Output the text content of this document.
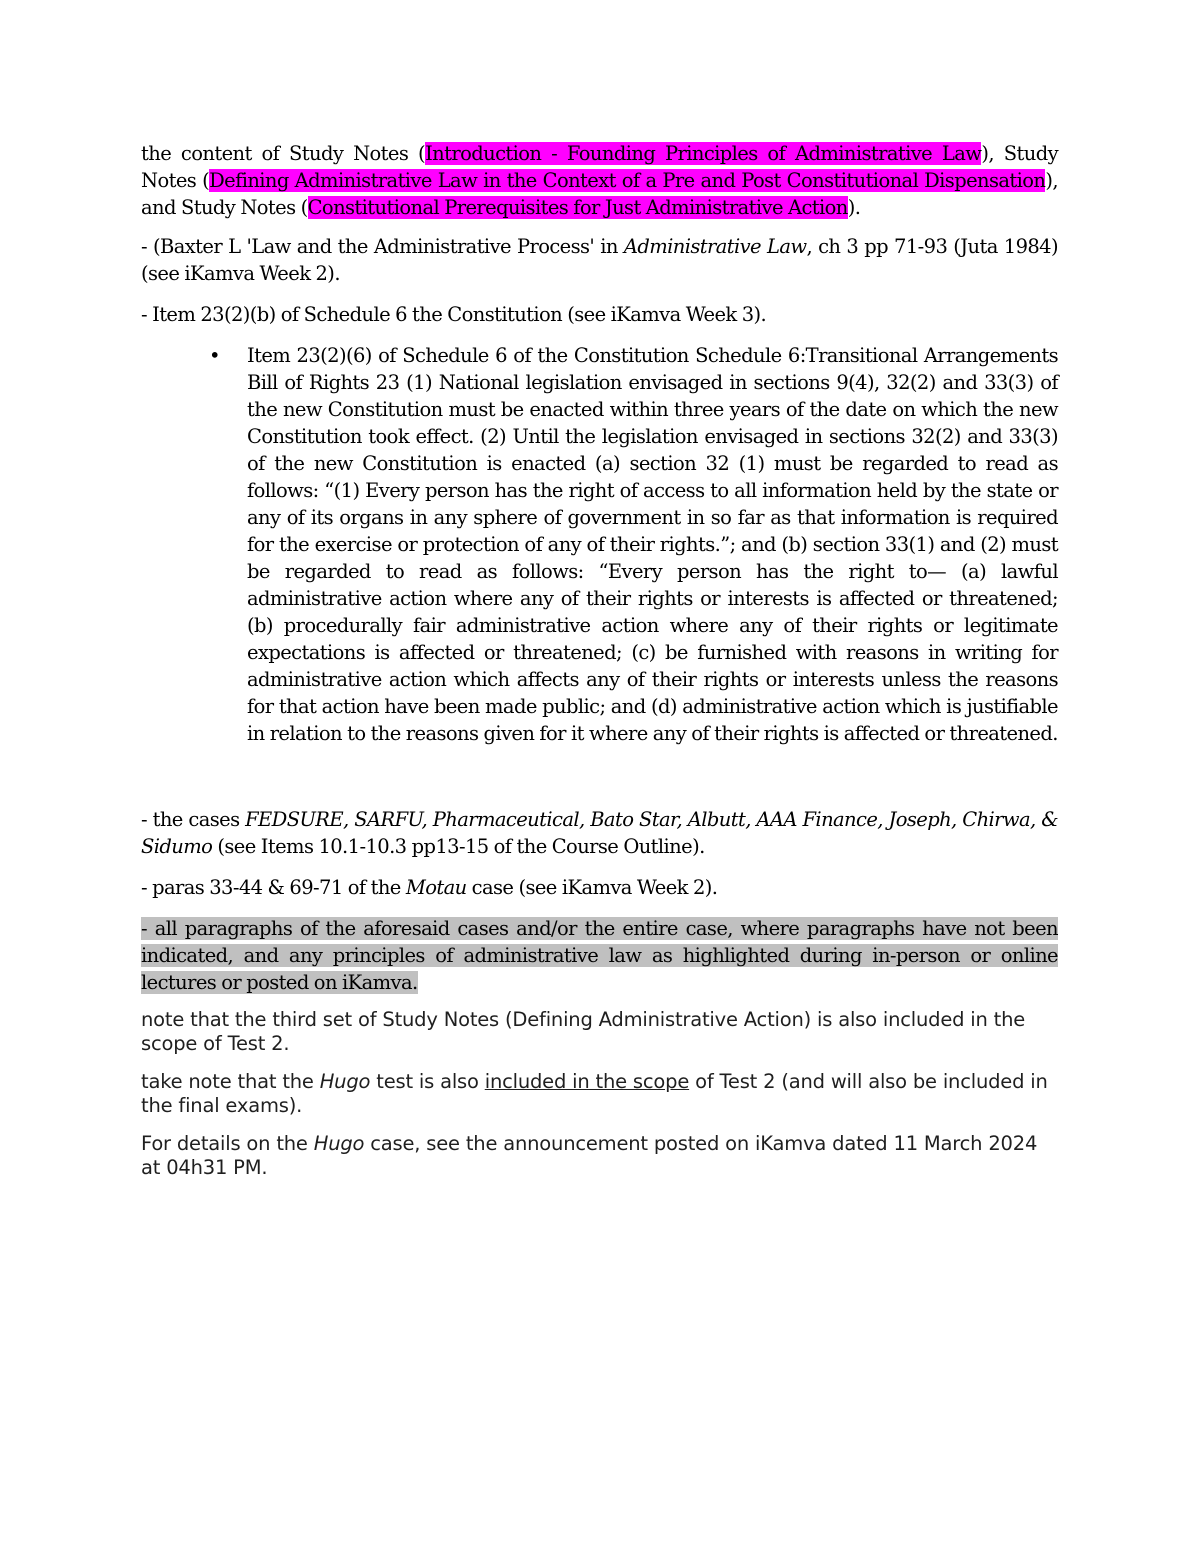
the content of Study Notes (Introduction - Founding Principles of Administrative Law), Study Notes (Defining Administrative Law in the Context of a Pre and Post Constitutional Dispensation), and Study Notes (Constitutional Prerequisites for Just Administrative Action).

- (Baxter L 'Law and the Administrative Process' in Administrative Law, ch 3 pp 71-93 (Juta 1984)(see iKamva Week 2).

- Item 23(2)(b) of Schedule 6 the Constitution (see iKamva Week 3).

• Item 23(2)(6) of Schedule 6 of the Constitution Schedule 6:Transitional Arrangements Bill of Rights 23 (1) National legislation envisaged in sections 9(4), 32(2) and 33(3) of the new Constitution must be enacted within three years of the date on which the new Constitution took effect. (2) Until the legislation envisaged in sections 32(2) and 33(3) of the new Constitution is enacted (a) section 32 (1) must be regarded to read as follows: “(1) Every person has the right of access to all information held by the state or any of its organs in any sphere of government in so far as that information is required for the exercise or protection of any of their rights.”; and (b) section 33(1) and (2) must be regarded to read as follows: “Every person has the right to— (a) lawful administrative action where any of their rights or interests is affected or threatened; (b) procedurally fair administrative action where any of their rights or legitimate expectations is affected or threatened; (c) be furnished with reasons in writing for administrative action which affects any of their rights or interests unless the reasons for that action have been made public; and (d) administrative action which is justifiable in relation to the reasons given for it where any of their rights is affected or threatened.

- the cases FEDSURE, SARFU, Pharmaceutical, Bato Star, Albutt, AAA Finance, Joseph, Chirwa, & Sidumo (see Items 10.1-10.3 pp13-15 of the Course Outline).

- paras 33-44 & 69-71 of the Motau case (see iKamva Week 2).

- all paragraphs of the aforesaid cases and/or the entire case, where paragraphs have not been indicated, and any principles of administrative law as highlighted during in-person or online lectures or posted on iKamva.

note that the third set of Study Notes (Defining Administrative Action) is also included in the scope of Test 2.

take note that the Hugo test is also included in the scope of Test 2 (and will also be included in the final exams).

For details on the Hugo case, see the announcement posted on iKamva dated 11 March 2024 at 04h31 PM.
